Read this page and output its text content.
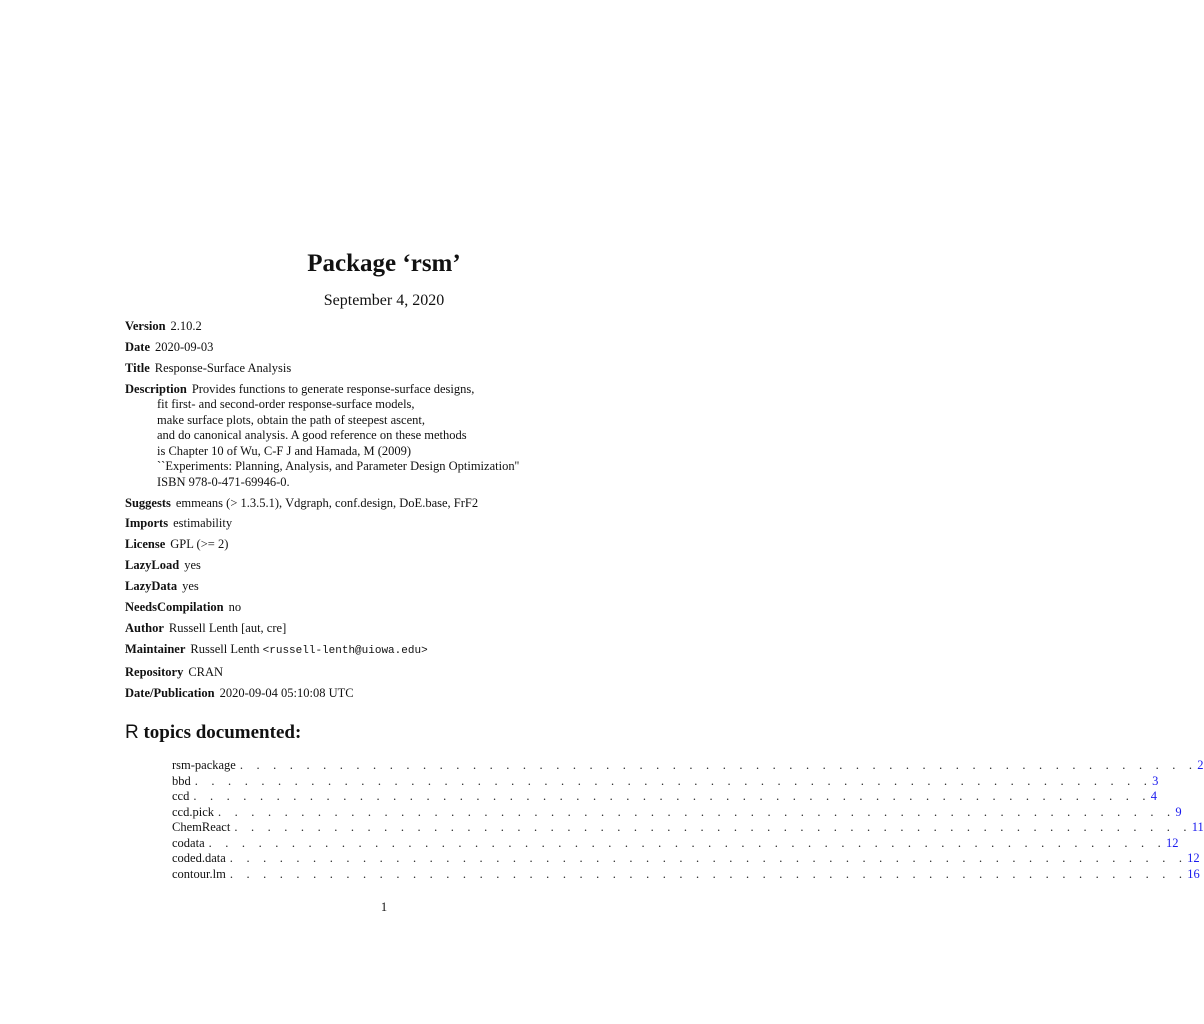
Package ‘rsm’
September 4, 2020
Version 2.10.2
Date 2020-09-03
Title Response-Surface Analysis
Description Provides functions to generate response-surface designs,
fit first- and second-order response-surface models,
make surface plots, obtain the path of steepest ascent,
and do canonical analysis. A good reference on these methods
is Chapter 10 of Wu, C-F J and Hamada, M (2009)
``Experiments: Planning, Analysis, and Parameter Design Optimization''
ISBN 978-0-471-69946-0.
Suggests emmeans (> 1.3.5.1), Vdgraph, conf.design, DoE.base, FrF2
Imports estimability
License GPL (>= 2)
LazyLoad yes
LazyData yes
NeedsCompilation no
Author Russell Lenth [aut, cre]
Maintainer Russell Lenth <russell-lenth@uiowa.edu>
Repository CRAN
Date/Publication 2020-09-04 05:10:08 UTC
R topics documented:
rsm-package . . . . . . . . . . . . . . . . . . . . . . . . . . . . . . . . . . . . . . . . . . . . . . . . . . . . . . . . . . 2
bbd . . . . . . . . . . . . . . . . . . . . . . . . . . . . . . . . . . . . . . . . . . . . . . . . . . . . . . . . . . 3
ccd . . . . . . . . . . . . . . . . . . . . . . . . . . . . . . . . . . . . . . . . . . . . . . . . . . . . . . . . . . 4
ccd.pick . . . . . . . . . . . . . . . . . . . . . . . . . . . . . . . . . . . . . . . . . . . . . . . . . . . . . . . . . . 9
ChemReact . . . . . . . . . . . . . . . . . . . . . . . . . . . . . . . . . . . . . . . . . . . . . . . . . . . . . . . . . . 11
codata . . . . . . . . . . . . . . . . . . . . . . . . . . . . . . . . . . . . . . . . . . . . . . . . . . . . . . . . . . 12
coded.data . . . . . . . . . . . . . . . . . . . . . . . . . . . . . . . . . . . . . . . . . . . . . . . . . . . . . . . . . . 12
contour.lm . . . . . . . . . . . . . . . . . . . . . . . . . . . . . . . . . . . . . . . . . . . . . . . . . . . . . . . . . . 16
1
